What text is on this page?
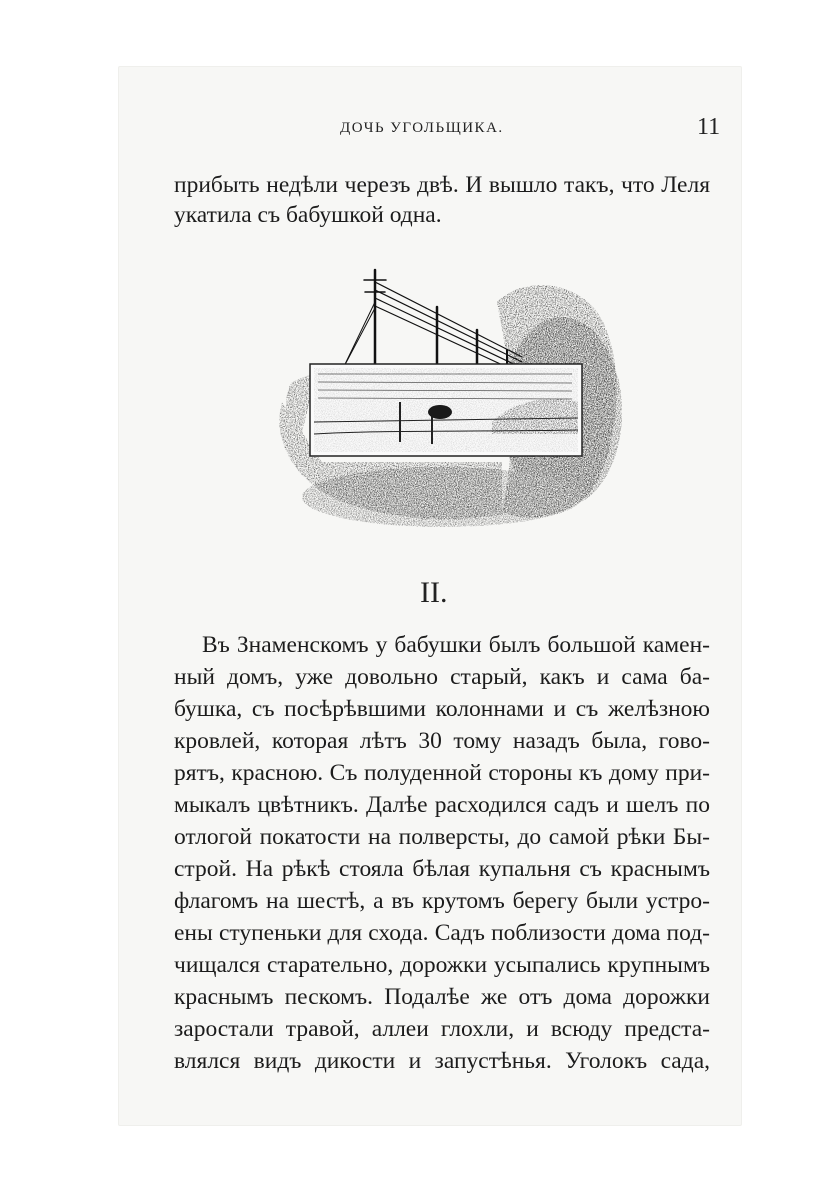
ДОЧЬ УГОЛЬЩИКА.	11
прибыть недѣли черезъ двѣ. И вышло такъ, что Леля
укатила съ бабушкой одна.
II.
Въ Знаменскомъ у бабушки былъ большой камен-
ный домъ, уже довольно старый, какъ и сама ба-
бушка, съ посѣрѣвшими колоннами и съ желѣзною
кровлей, которая лѣтъ 30 тому назадъ была, гово-
рятъ, красною. Съ полуденной стороны къ дому при-
мыкалъ цвѣтникъ. Далѣе расходился садъ и шелъ по
отлогой покатости на полверсты, до самой рѣки Бы-
строй. На рѣкѣ стояла бѣлая купальня съ краснымъ
флагомъ на шестѣ, а въ крутомъ берегу были устро-
ены ступеньки для схода. Садъ поблизости дома под-
чищался старательно, дорожки усыпались крупнымъ
краснымъ пескомъ. Подалѣе же отъ дома дорожки
заростали травой, аллеи глохли, и всюду предста-
влялся видъ дикости и запустѣнья. Уголокъ сада,
